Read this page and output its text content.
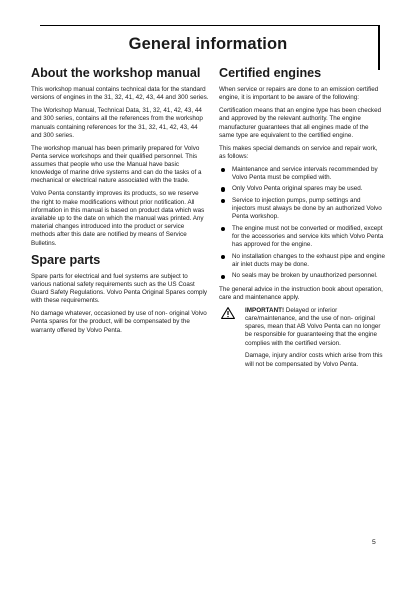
General information
About the workshop manual

This workshop manual contains technical data for the standard versions of engines in the 31, 32, 41, 42, 43, 44 and 300 series.

The Workshop Manual, Technical Data, 31, 32, 41, 42, 43, 44 and 300 series, contains all the references from the workshop manuals containing references for the 31, 32, 41, 42, 43, 44 and 300 series.

The workshop manual has been primarily prepared for Volvo Penta service workshops and their qualified personnel. This assumes that people who use the Manual have basic knowledge of marine drive systems and can do the tasks of a mechanical or electrical nature associated with the trade.

Volvo Penta constantly improves its products, so we reserve the right to make modifications without prior notification. All information in this manual is based on product data which was available up to the date on which the manual was printed. Any material changes introduced into the product or service methods after this date are notified by means of Service Bulletins.

Spare parts

Spare parts for electrical and fuel systems are subject to various national safety requirements such as the US Coast Guard Safety Regulations. Volvo Penta Original Spares comply with these requirements.

No damage whatever, occasioned by use of non- original Volvo Penta spares for the product, will be compensated by the warranty offered by Volvo Penta.

Certified engines

When service or repairs are done to an emission certified engine, it is important to be aware of the following:

Certification means that an engine type has been checked and approved by the relevant authority. The engine manufacturer guarantees that all engines made of the same type are equivalent to the certified engine.

This makes special demands on service and repair work, as follows:

Maintenance and service intervals recommended by Volvo Penta must be complied with.
Only Volvo Penta original spares may be used.
Service to injection pumps, pump settings and injectors must always be done by an authorized Volvo Penta workshop.
The engine must not be converted or modified, except for the accessories and service kits which Volvo Penta has approved for the engine.
No installation changes to the exhaust pipe and engine air inlet ducts may be done.
No seals may be broken by unauthorized personnel.

The general advice in the instruction book about operation, care and maintenance apply.

IMPORTANT! Delayed or inferior care/maintenance, and the use of non- original spares, mean that AB Volvo Penta can no longer be responsible for guaranteeing that the engine complies with the certified version.

Damage, injury and/or costs which arise from this will not be compensated by Volvo Penta.

5
